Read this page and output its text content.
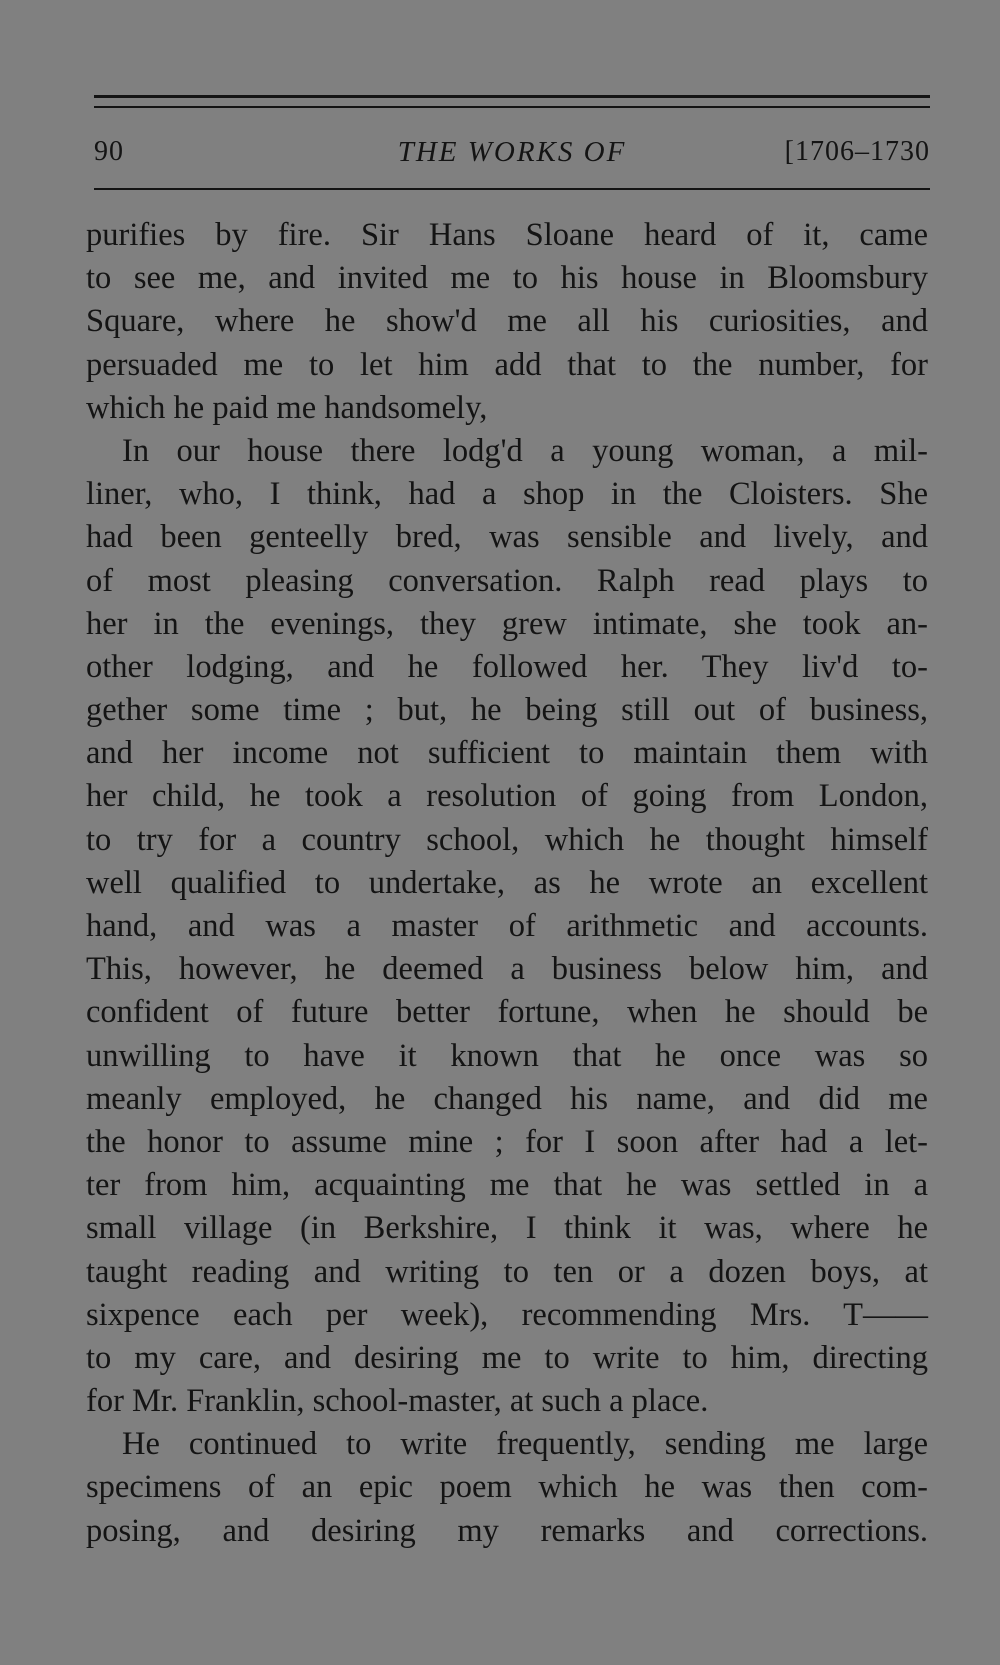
90	THE WORKS OF	[1706–1730
purifies by fire. Sir Hans Sloane heard of it, came
to see me, and invited me to his house in Bloomsbury
Square, where he show'd me all his curiosities, and
persuaded me to let him add that to the number, for
which he paid me handsomely,
In our house there lodg'd a young woman, a mil-
liner, who, I think, had a shop in the Cloisters. She
had been genteelly bred, was sensible and lively, and
of most pleasing conversation. Ralph read plays to
her in the evenings, they grew intimate, she took an-
other lodging, and he followed her. They liv'd to-
gether some time ; but, he being still out of business,
and her income not sufficient to maintain them with
her child, he took a resolution of going from London,
to try for a country school, which he thought himself
well qualified to undertake, as he wrote an excellent
hand, and was a master of arithmetic and accounts.
This, however, he deemed a business below him, and
confident of future better fortune, when he should be
unwilling to have it known that he once was so
meanly employed, he changed his name, and did me
the honor to assume mine ; for I soon after had a let-
ter from him, acquainting me that he was settled in a
small village (in Berkshire, I think it was, where he
taught reading and writing to ten or a dozen boys, at
sixpence each per week), recommending Mrs. T——
to my care, and desiring me to write to him, directing
for Mr. Franklin, school-master, at such a place.
He continued to write frequently, sending me large
specimens of an epic poem which he was then com-
posing, and desiring my remarks and corrections.
